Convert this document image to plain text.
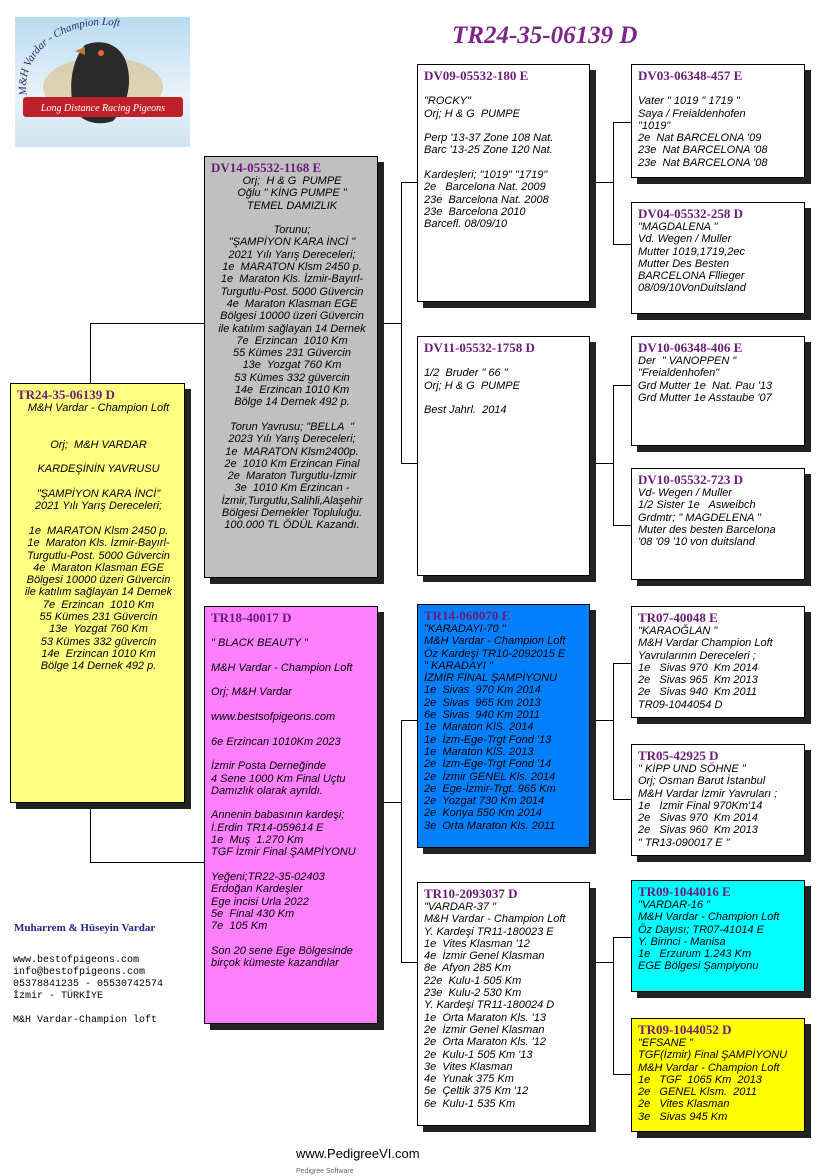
TR24-35-06139 D
M&H Vardar - Champion Loft
Long Distance Racing Pigeons
TR24-35-06139 D
M&H Vardar - Champion Loft
Orj;  M&H VARDAR
KARDEŞİNİN YAVRUSU
"ŞAMPİYON KARA İNCİ"
2021 Yılı Yarış Dereceleri;
1e  MARATON Klsm 2450 p.
1e  Maraton Kls. İzmir-Bayırl-
Turgutlu-Post. 5000 Güvercin
4e  Maraton Klasman EGE
Bölgesi 10000 üzeri Güvercin
ile katılım sağlayan 14 Dernek
7e  Erzincan  1010 Km
55 Kümes 231 Güvercin
13e  Yozgat 760 Km
53 Kümes 332 güvercin
14e  Erzincan 1010 Km
Bölge 14 Dernek 492 p.
DV14-05532-1168 E
Orj;  H & G  PUMPE
Oğlu " KİNG PUMPE "
TEMEL DAMIZLIK
Torunu;
"ŞAMPİYON KARA İNCİ "
2021 Yılı Yarış Dereceleri;
1e  MARATON Klsm 2450 p.
1e  Maraton Kls. İzmir-Bayırl-
Turgutlu-Post. 5000 Güvercin
4e  Maraton Klasman EGE
Bölgesi 10000 üzeri Güvercin
ile katılım sağlayan 14 Dernek
7e  Erzincan  1010 Km
55 Kümes 231 Güvercin
13e  Yozgat 760 Km
53 Kümes 332 güvercin
14e  Erzincan 1010 Km
Bölge 14 Dernek 492 p.
Torun Yavrusu; "BELLA  "
2023 Yılı Yarış Dereceleri;
1e  MARATON Klsm2400p.
2e  1010 Km Erzincan Final
2e  Maraton Turgutlu-İzmir
3e  1010 Km Erzincan -
İzmir,Turgutlu,Salihli,Alaşehir
Bölgesi Dernekler Topluluğu.
100.000 TL ÖDÜL Kazandı.
TR18-40017 D
" BLACK BEAUTY "
M&H Vardar - Champion Loft
Orj; M&H Vardar
www.bestsofpigeons.com
6e Erzincan 1010Km 2023
İzmir Posta Derneğinde
4 Sene 1000 Km Final Uçtu
Damızlık olarak ayrıldı.
Annenin babasının kardeşi;
İ.Erdin TR14-059614 E
1e  Muş  1.270 Km
TGF İzmir Final ŞAMPİYONU
Yeğeni;TR22-35-02403
Erdoğan Kardeşler
Ege incisi Urla 2022
5e  Final 430 Km
7e  105 Km
Son 20 sene Ege Bölgesinde
birçok kümeste kazandılar
DV09-05532-180 E
"ROCKY"
Orj; H & G  PUMPE
Perp '13-37 Zone 108 Nat.
Barc '13-25 Zone 120 Nat.
Kardeşleri; "1019" "1719"
2e   Barcelona Nat. 2009
23e  Barcelona Nat. 2008
23e  Barcelona 2010
Barcefl. 08/09/10
DV11-05532-1758 D
1/2  Bruder " 66 "
Orj; H & G  PUMPE
Best Jahrl.  2014
TR14-060070 E
"KARADAYI-70 "
M&H Vardar - Champion Loft
Öz Kardeşi TR10-2092015 E
" KARADAYI "
İZMİR FİNAL ŞAMPİYONU
1e  Sivas  970 Km 2014
2e  Sivas  965 Km 2013
6e  Sivas  940 Km 2011
1e  Maraton KlS. 2014
1e  İzm-Ege-Trgt Fond '13
1e  Maraton KlS. 2013
2e  İzm-Ege-Trgt Fond '14
2e  İzmir GENEL Kls. 2014
2e  Ege-İzmir-Trgt. 965 Km
2e  Yozgat 730 Km 2014
2e  Konya 550 Km 2014
3e  Orta Maraton Kls. 2011
TR10-2093037 D
"VARDAR-37 "
M&H Vardar - Champion Loft
Y. Kardeşi TR11-180023 E
1e  Vites Klasman '12
4e  İzmir Genel Klasman
8e  Afyon 285 Km
22e  Kulu-1 505 Km
23e  Kulu-2 530 Km
Y. Kardeşi TR11-180024 D
1e  Orta Maraton Kls. '13
2e  İzmir Genel Klasman
2e  Orta Maraton Kls. '12
2e  Kulu-1 505 Km '13
3e  Vites Klasman
4e  Yunak 375 Km
5e  Çeltik 375 Km '12
6e  Kulu-1 535 Km
DV03-06348-457 E
Vater " 1019 " 1719 "
Saya / Freialdenhofen
"1019"
2e  Nat BARCELONA '09
23e  Nat BARCELONA '08
23e  Nat BARCELONA '08
DV04-05532-258 D
"MAGDALENA "
Vd. Wegen / Muller
Mutter 1019,1719,2ec
Mutter Des Besten
BARCELONA Fllieger
08/09/10VonDuitsland
DV10-06348-406 E
Der  " VANOPPEN "
"Freialdenhofen"
Grd Mutter 1e  Nat. Pau '13
Grd Mutter 1e Asstaube '07
DV10-05532-723 D
Vd- Wegen / Muller
1/2 Sister 1e   Asweibch
Grdmtr; " MAGDELENA "
Muter des besten Barcelona
'08 '09 '10 von duitsland
TR07-40048 E
"KARAOĞLAN "
M&H Vardar Champion Loft
Yavrularının Dereceleri ;
1e   Sivas 970  Km 2014
2e   Sivas 965  Km 2013
2e   Sivas 940  Km 2011
TR09-1044054 D
TR05-42925 D
" KİPP UND SÖHNE "
Orj; Osman Barut İstanbul
M&H Vardar İzmir Yavruları ;
1e   İzmir Final 970Km'14
2e   Sivas 970  Km 2014
2e   Sivas 960  Km 2013
" TR13-090017 E "
TR09-1044016 E
"VARDAR-16 "
M&H Vardar - Champion Loft
Öz Dayısı; TR07-41014 E
Y. Birinci - Manisa
1e   Erzurum 1.243 Km
EGE Bölgesi Şampiyonu
TR09-1044052 D
"EFSANE "
TGF(İzmir) Final ŞAMPİYONU
M&H Vardar - Champion Loft
1e   TGF  1065 Km  2013
2e   GENEL Klsm.  2011
2e   Vites Klasman
3e   Sivas 945 Km
Muharrem & Hüseyin Vardar
www.bestofpigeons.com
info@bestofpigeons.com
05378841235 - 05530742574
İzmir - TÜRKİYE

M&H Vardar-Champion loft
www.PedigreeVI.com
Pedigree Software
